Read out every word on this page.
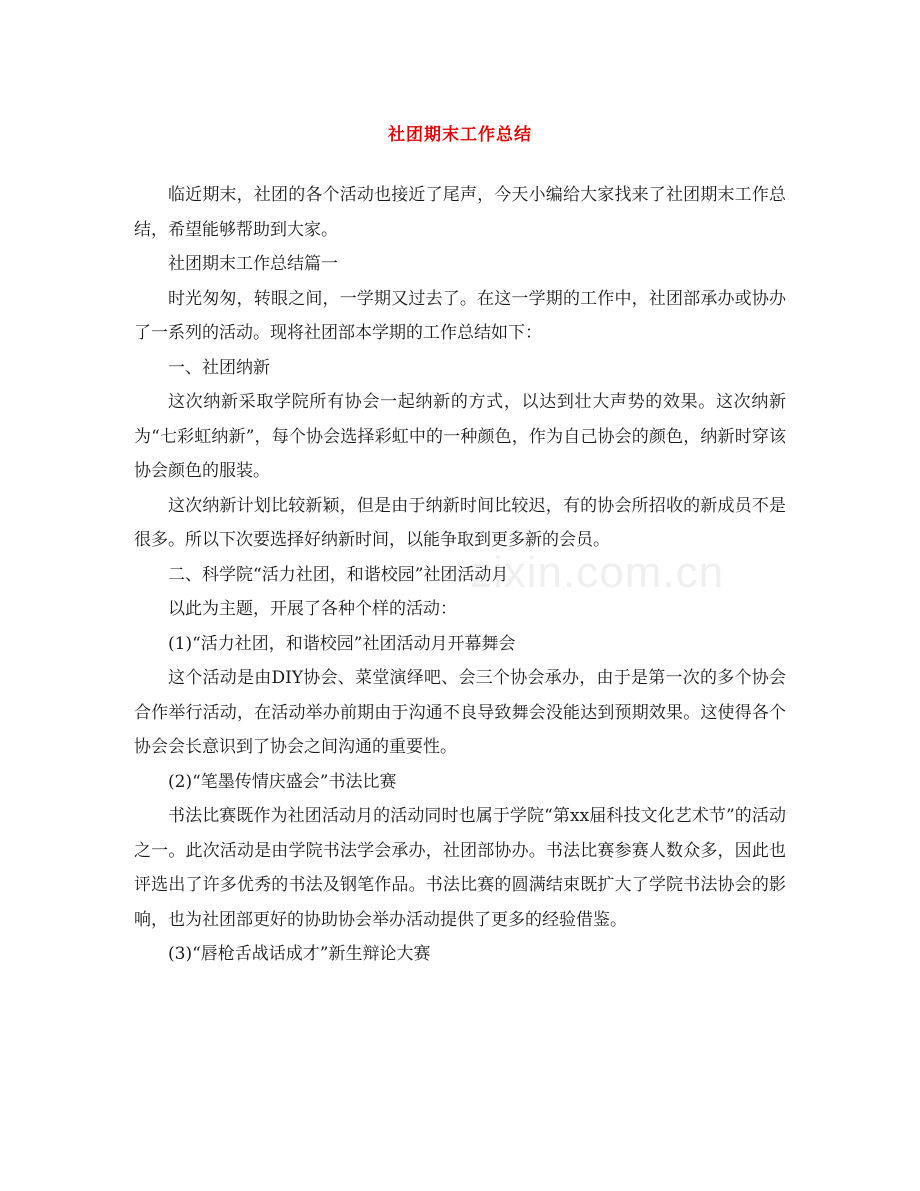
社团期末工作总结
zixin.com.cn

临近期末，社团的各个活动也接近了尾声，今天小编给大家找来了社团期末工作总结，希望能够帮助到大家。

社团期末工作总结篇一

时光匆匆，转眼之间，一学期又过去了。在这一学期的工作中，社团部承办或协办了一系列的活动。现将社团部本学期的工作总结如下：

一、社团纳新

这次纳新采取学院所有协会一起纳新的方式，以达到壮大声势的效果。这次纳新为“七彩虹纳新”，每个协会选择彩虹中的一种颜色，作为自己协会的颜色，纳新时穿该协会颜色的服装。

这次纳新计划比较新颖，但是由于纳新时间比较迟，有的协会所招收的新成员不是很多。所以下次要选择好纳新时间，以能争取到更多新的会员。

二、科学院“活力社团，和谐校园”社团活动月

以此为主题，开展了各种个样的活动：

(1)“活力社团，和谐校园”社团活动月开幕舞会

这个活动是由DIY协会、菜堂演绎吧、会三个协会承办，由于是第一次的多个协会合作举行活动，在活动举办前期由于沟通不良导致舞会没能达到预期效果。这使得各个协会会长意识到了协会之间沟通的重要性。

(2)“笔墨传情庆盛会”书法比赛

书法比赛既作为社团活动月的活动同时也属于学院“第xx届科技文化艺术节”的活动之一。此次活动是由学院书法学会承办，社团部协办。书法比赛参赛人数众多，因此也评选出了许多优秀的书法及钢笔作品。书法比赛的圆满结束既扩大了学院书法协会的影响，也为社团部更好的协助协会举办活动提供了更多的经验借鉴。

(3)“唇枪舌战话成才”新生辩论大赛
